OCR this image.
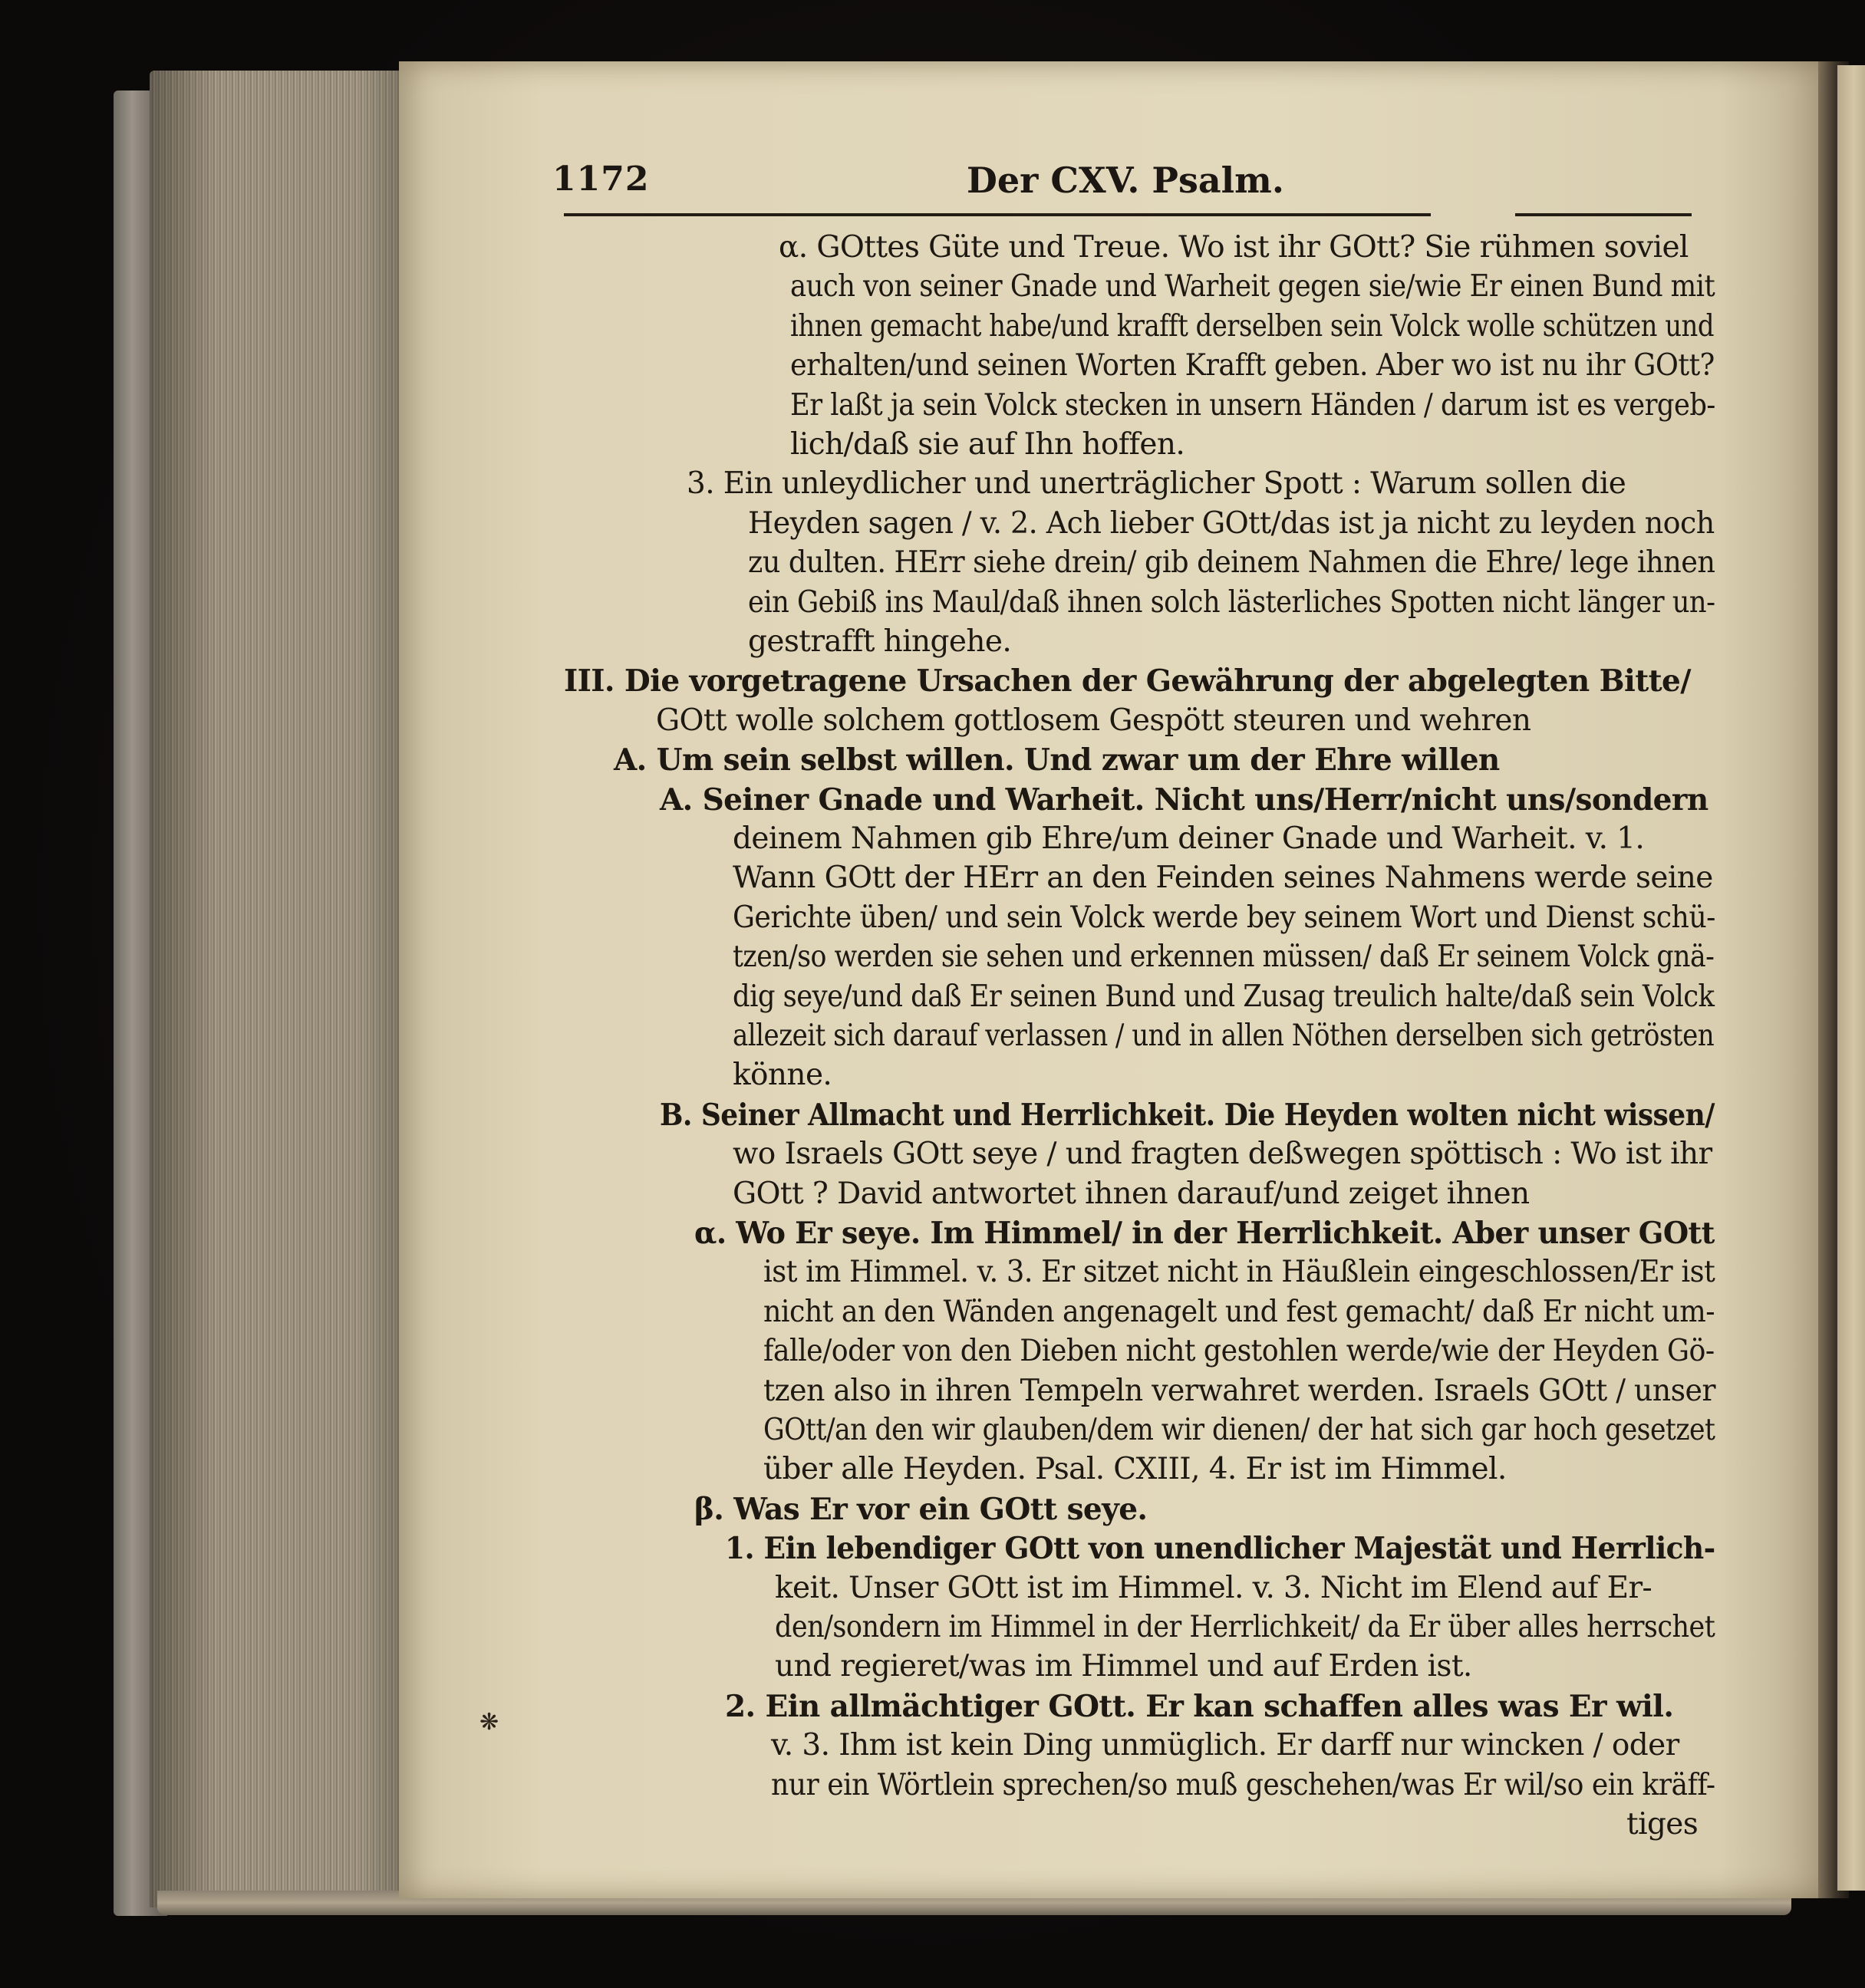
1172	Der CXV. Psalm.
α. GOttes Güte und Treue. Wo ist ihr GOtt? Sie rühmen soviel
auch von seiner Gnade und Warheit gegen sie/wie Er einen Bund mit
ihnen gemacht habe/und krafft derselben sein Volck wolle schützen und
erhalten/und seinen Worten Krafft geben. Aber wo ist nu ihr GOtt?
Er laßt ja sein Volck stecken in unsern Händen / darum ist es vergeb-
lich/daß sie auf Ihn hoffen.
3. Ein unleydlicher und unerträglicher Spott : Warum sollen die
Heyden sagen / v. 2. Ach lieber GOtt/das ist ja nicht zu leyden noch
zu dulten. HErr siehe drein/ gib deinem Nahmen die Ehre/ lege ihnen
ein Gebiß ins Maul/daß ihnen solch lästerliches Spotten nicht länger un-
gestrafft hingehe.
III. Die vorgetragene Ursachen der Gewährung der abgelegten Bitte/
GOtt wolle solchem gottlosem Gespött steuren und wehren
A. Um sein selbst willen. Und zwar um der Ehre willen
A. Seiner Gnade und Warheit. Nicht uns/Herr/nicht uns/sondern
deinem Nahmen gib Ehre/um deiner Gnade und Warheit. v. 1.
Wann GOtt der HErr an den Feinden seines Nahmens werde seine
Gerichte üben/ und sein Volck werde bey seinem Wort und Dienst schü-
tzen/so werden sie sehen und erkennen müssen/ daß Er seinem Volck gnä-
dig seye/und daß Er seinen Bund und Zusag treulich halte/daß sein Volck
allezeit sich darauf verlassen / und in allen Nöthen derselben sich getrösten
könne.
B. Seiner Allmacht und Herrlichkeit. Die Heyden wolten nicht wissen/
wo Israels GOtt seye / und fragten deßwegen spöttisch : Wo ist ihr
GOtt ? David antwortet ihnen darauf/und zeiget ihnen
α. Wo Er seye. Im Himmel/ in der Herrlichkeit. Aber unser GOtt
ist im Himmel. v. 3. Er sitzet nicht in Häußlein eingeschlossen/Er ist
nicht an den Wänden angenagelt und fest gemacht/ daß Er nicht um-
falle/oder von den Dieben nicht gestohlen werde/wie der Heyden Gö-
tzen also in ihren Tempeln verwahret werden. Israels GOtt / unser
GOtt/an den wir glauben/dem wir dienen/ der hat sich gar hoch gesetzet
über alle Heyden. Psal. CXIII, 4. Er ist im Himmel.
β. Was Er vor ein GOtt seye.
1. Ein lebendiger GOtt von unendlicher Majestät und Herrlich-
keit. Unser GOtt ist im Himmel. v. 3. Nicht im Elend auf Er-
den/sondern im Himmel in der Herrlichkeit/ da Er über alles herrschet
und regieret/was im Himmel und auf Erden ist.
2. Ein allmächtiger GOtt. Er kan schaffen alles was Er wil.
v. 3. Ihm ist kein Ding unmüglich. Er darff nur wincken / oder
nur ein Wörtlein sprechen/so muß geschehen/was Er wil/so ein kräff-
tiges
❋
